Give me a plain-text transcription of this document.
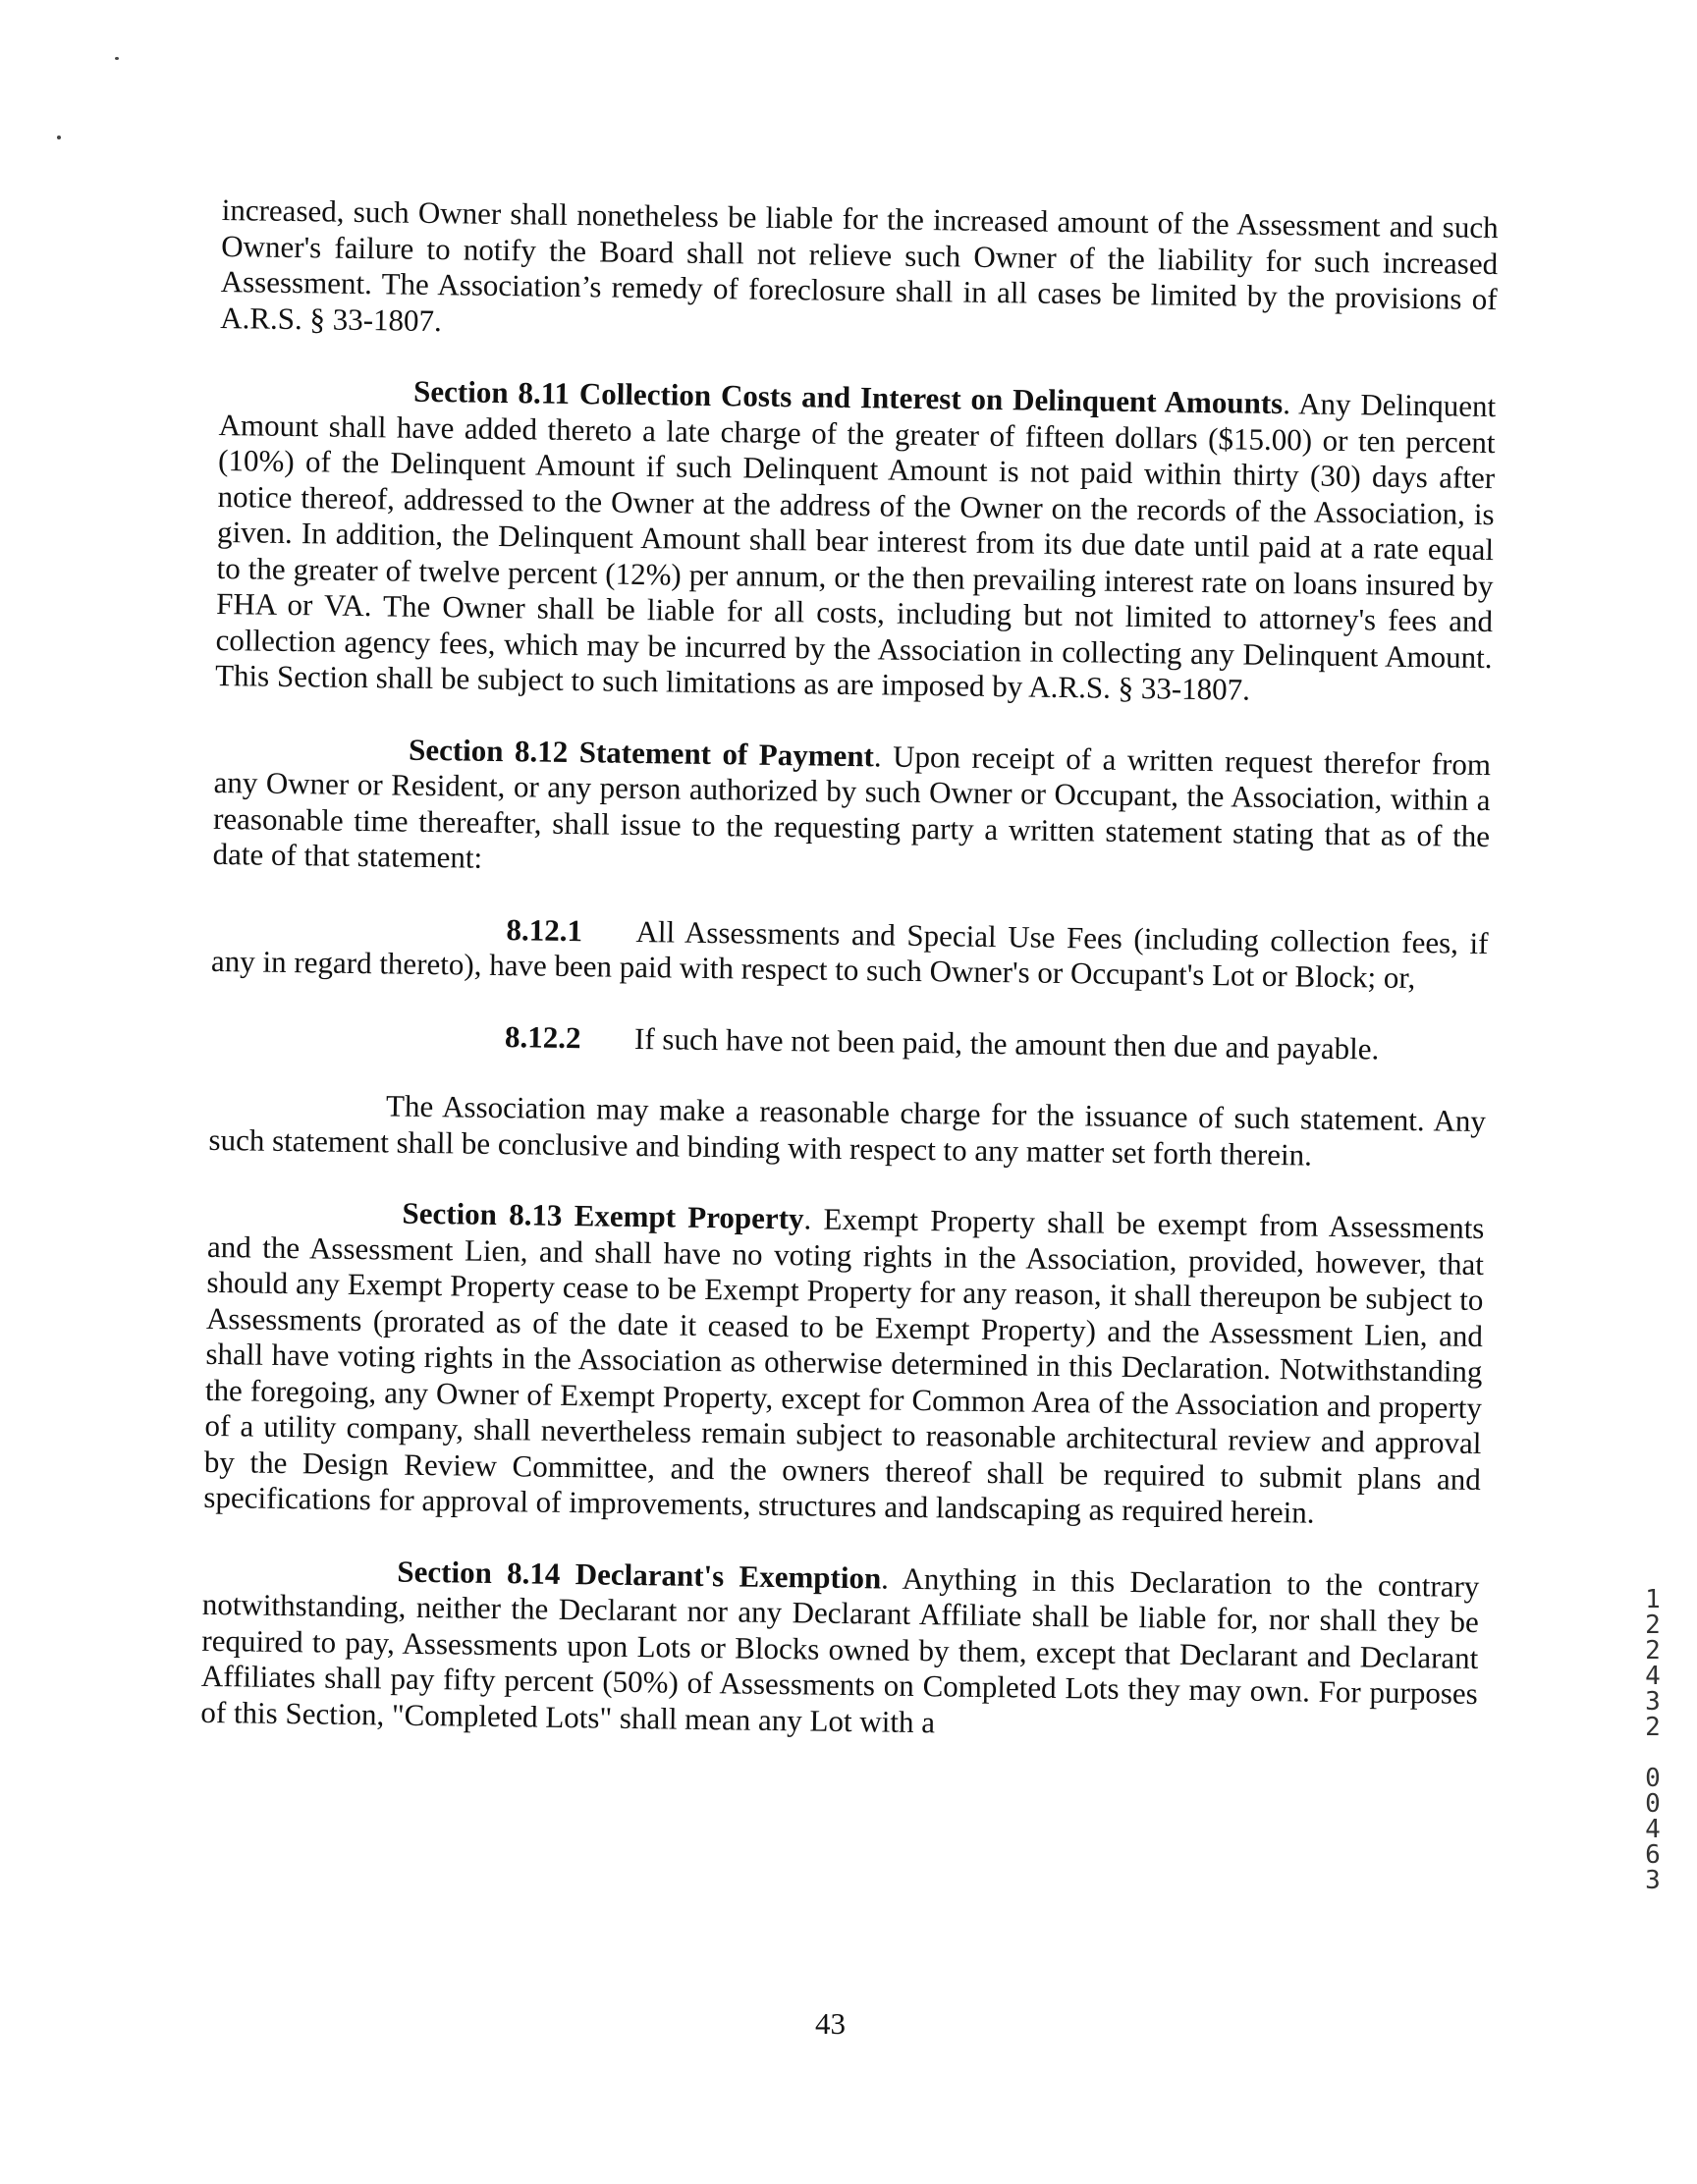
increased, such Owner shall nonetheless be liable for the increased amount of the Assessment and such Owner's failure to notify the Board shall not relieve such Owner of the liability for such increased Assessment. The Association’s remedy of foreclosure shall in all cases be limited by the provisions of A.R.S. § 33-1807.

Section 8.11 Collection Costs and Interest on Delinquent Amounts. Any Delinquent Amount shall have added thereto a late charge of the greater of fifteen dollars ($15.00) or ten percent (10%) of the Delinquent Amount if such Delinquent Amount is not paid within thirty (30) days after notice thereof, addressed to the Owner at the address of the Owner on the records of the Association, is given. In addition, the Delinquent Amount shall bear interest from its due date until paid at a rate equal to the greater of twelve percent (12%) per annum, or the then prevailing interest rate on loans insured by FHA or VA. The Owner shall be liable for all costs, including but not limited to attorney's fees and collection agency fees, which may be incurred by the Association in collecting any Delinquent Amount. This Section shall be subject to such limitations as are imposed by A.R.S. § 33-1807.

Section 8.12 Statement of Payment. Upon receipt of a written request therefor from any Owner or Resident, or any person authorized by such Owner or Occupant, the Association, within a reasonable time thereafter, shall issue to the requesting party a written statement stating that as of the date of that statement:

8.12.1 All Assessments and Special Use Fees (including collection fees, if any in regard thereto), have been paid with respect to such Owner's or Occupant's Lot or Block; or,

8.12.2 If such have not been paid, the amount then due and payable.

The Association may make a reasonable charge for the issuance of such statement. Any such statement shall be conclusive and binding with respect to any matter set forth therein.

Section 8.13 Exempt Property. Exempt Property shall be exempt from Assessments and the Assessment Lien, and shall have no voting rights in the Association, provided, however, that should any Exempt Property cease to be Exempt Property for any reason, it shall thereupon be subject to Assessments (prorated as of the date it ceased to be Exempt Property) and the Assessment Lien, and shall have voting rights in the Association as otherwise determined in this Declaration. Notwithstanding the foregoing, any Owner of Exempt Property, except for Common Area of the Association and property of a utility company, shall nevertheless remain subject to reasonable architectural review and approval by the Design Review Committee, and the owners thereof shall be required to submit plans and specifications for approval of improvements, structures and landscaping as required herein.

Section 8.14 Declarant's Exemption. Anything in this Declaration to the contrary notwithstanding, neither the Declarant nor any Declarant Affiliate shall be liable for, nor shall they be required to pay, Assessments upon Lots or Blocks owned by them, except that Declarant and Declarant Affiliates shall pay fifty percent (50%) of Assessments on Completed Lots they may own. For purposes of this Section, "Completed Lots" shall mean any Lot with a

43
1
2
2
4
3
2
0
0
4
6
3
